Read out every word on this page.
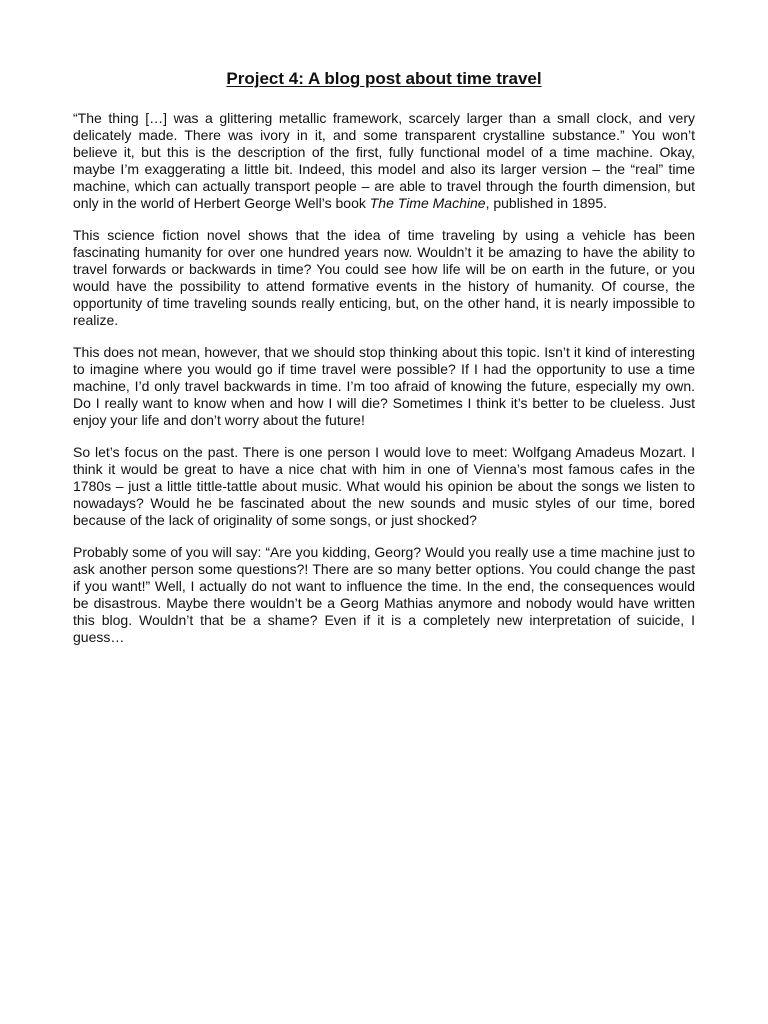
Project 4: A blog post about time travel

“The thing […] was a glittering metallic framework, scarcely larger than a small clock, and very delicately made. There was ivory in it, and some transparent crystalline substance.” You won’t believe it, but this is the description of the first, fully functional model of a time machine. Okay, maybe I’m exaggerating a little bit. Indeed, this model and also its larger version – the “real” time machine, which can actually transport people – are able to travel through the fourth dimension, but only in the world of Herbert George Well’s book The Time Machine, published in 1895.

This science fiction novel shows that the idea of time traveling by using a vehicle has been fascinating humanity for over one hundred years now. Wouldn’t it be amazing to have the ability to travel forwards or backwards in time? You could see how life will be on earth in the future, or you would have the possibility to attend formative events in the history of humanity. Of course, the opportunity of time traveling sounds really enticing, but, on the other hand, it is nearly impossible to realize.

This does not mean, however, that we should stop thinking about this topic. Isn’t it kind of interesting to imagine where you would go if time travel were possible? If I had the opportunity to use a time machine, I’d only travel backwards in time. I’m too afraid of knowing the future, especially my own. Do I really want to know when and how I will die? Sometimes I think it’s better to be clueless. Just enjoy your life and don’t worry about the future!

So let’s focus on the past. There is one person I would love to meet: Wolfgang Amadeus Mozart. I think it would be great to have a nice chat with him in one of Vienna’s most famous cafes in the 1780s – just a little tittle-tattle about music. What would his opinion be about the songs we listen to nowadays? Would he be fascinated about the new sounds and music styles of our time, bored because of the lack of originality of some songs, or just shocked?

Probably some of you will say: “Are you kidding, Georg? Would you really use a time machine just to ask another person some questions?! There are so many better options. You could change the past if you want!” Well, I actually do not want to influence the time. In the end, the consequences would be disastrous. Maybe there wouldn’t be a Georg Mathias anymore and nobody would have written this blog. Wouldn’t that be a shame? Even if it is a completely new interpretation of suicide, I guess…
